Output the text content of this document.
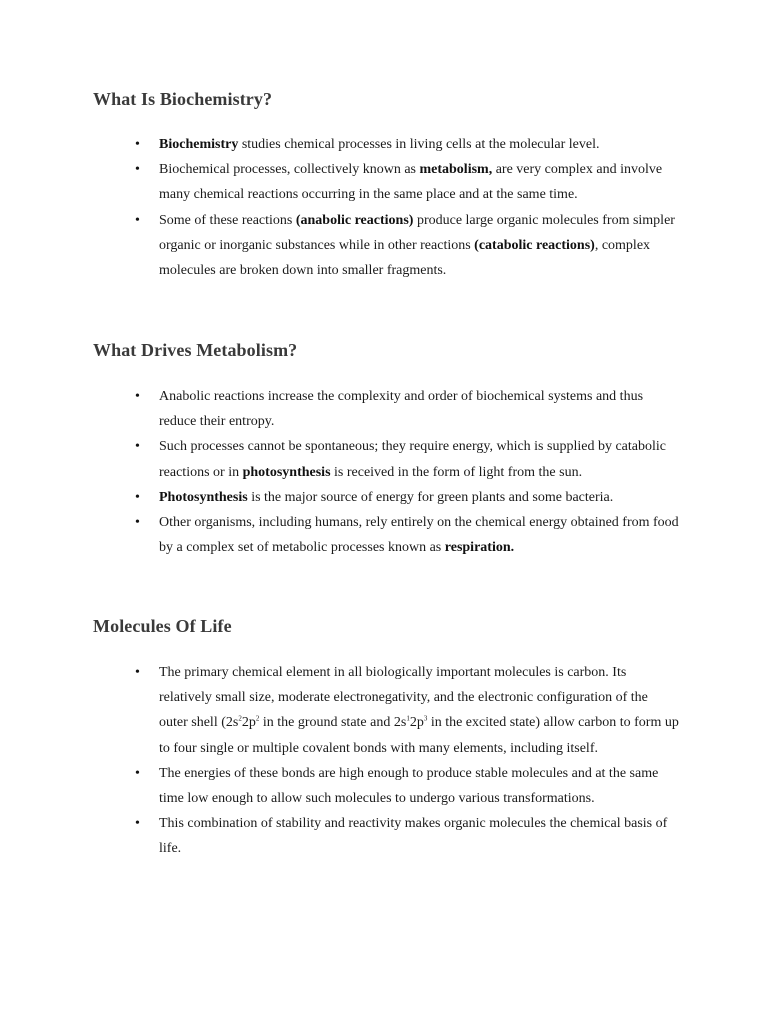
What Is Biochemistry?
• Biochemistry studies chemical processes in living cells at the molecular level.
• Biochemical processes, collectively known as metabolism, are very complex and involve many chemical reactions occurring in the same place and at the same time.
• Some of these reactions (anabolic reactions) produce large organic molecules from simpler organic or inorganic substances while in other reactions (catabolic reactions), complex molecules are broken down into smaller fragments.
What Drives Metabolism?
• Anabolic reactions increase the complexity and order of biochemical systems and thus reduce their entropy.
• Such processes cannot be spontaneous; they require energy, which is supplied by catabolic reactions or in photosynthesis is received in the form of light from the sun.
• Photosynthesis is the major source of energy for green plants and some bacteria.
• Other organisms, including humans, rely entirely on the chemical energy obtained from food by a complex set of metabolic processes known as respiration.
Molecules Of Life
• The primary chemical element in all biologically important molecules is carbon. Its relatively small size, moderate electronegativity, and the electronic configuration of the outer shell ($2s^22p^2$ in the ground state and $2s^12p^3$ in the excited state) allow carbon to form up to four single or multiple covalent bonds with many elements, including itself.
• The energies of these bonds are high enough to produce stable molecules and at the same time low enough to allow such molecules to undergo various transformations.
• This combination of stability and reactivity makes organic molecules the chemical basis of life.
